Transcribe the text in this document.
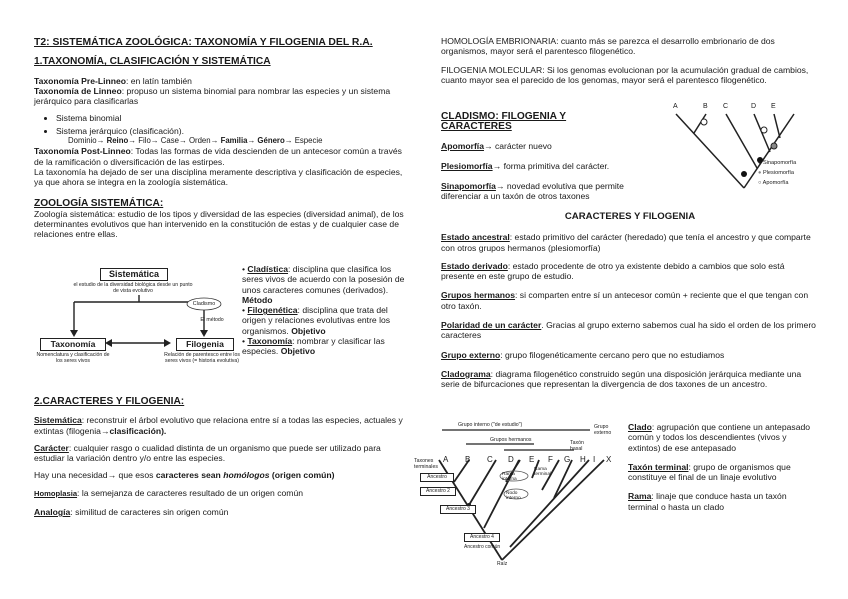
T2: SISTEMÁTICA ZOOLÓGICA: TAXONOMÍA Y FILOGENIA DEL R.A.

1.TAXONOMÍA, CLASIFICACIÓN Y SISTEMÁTICA

Taxonomía Pre-Linneo: en latín también

Taxonomía de Linneo: propuso un sistema binomial para nombrar las especies y un sistema jerárquico para clasificarlas

• Sistema binomial
• Sistema jerárquico (clasificación).

Dominio→ Reino→ Filo→ Case→ Orden→ Familia→ Género→ Especie

Taxonomía Post-Linneo: Todas las formas de vida descienden de un antecesor común a través de la ramificación o diversificación de las estirpes.

La taxonomía ha dejado de ser una disciplina meramente descriptiva y clasificación de especies, ya que ahora se integra en la zoología sistemática.

ZOOLOGÍA SISTEMÁTICA:

Zoología sistemática: estudio de los tipos y diversidad de las especies (diversidad animal), de los determinantes evolutivos que han intervenido en la constitución de estas y de cualquier case de relaciones entre ellas.

Sistemática
el estudio de la diversidad biológica desde un punto de vista evolutivo
Cladismo
El método
Taxonomía
Nomenclatura y clasificación de los seres vivos
Filogenia
Relación de parentesco entre los seres vivos (= historia evolutiva)

• Cladística: disciplina que clasifica los seres vivos de acuerdo con la posesión de unos caracteres comunes (derivados). Método

• Filogenética: disciplina que trata del origen y relaciones evolutivas entre los organismos. Objetivo

• Taxonomía: nombrar y clasificar las especies. Objetivo

2.CARACTERES Y FILOGENIA:

Sistemática: reconstruir el árbol evolutivo que relaciona entre sí a todas las especies, actuales y extintas (filogenia→clasificación).

Carácter: cualquier rasgo o cualidad distinta de un organismo que puede ser utilizado para estudiar la variación dentro y/o entre las especies.

Hay una necesidad→ que esos caracteres sean homólogos (origen común)

Homoplasia: la semejanza de caracteres resultado de un origen común

Analogía: similitud de caracteres sin origen común

HOMOLOGÍA EMBRIONARIA: cuanto más se parezca el desarrollo embrionario de dos organismos, mayor será el parentesco filogenético.

FILOGENIA MOLECULAR: Si los genomas evolucionan por la acumulación gradual de cambios, cuanto mayor sea el parecido de los genomas, mayor será el parentesco filogenético.

CLADISMO: FILOGENIA Y CARACTERES

Apomorfía→ carácter nuevo

Plesiomorfía→ forma primitiva del carácter.

Sinapomorfía→ novedad evolutiva que permite diferenciar a un taxón de otros taxones

A	B C	D E
● Sinapomorfía
● Plesiomorfía
○ Apomorfía

CARACTERES Y FILOGENIA

Estado ancestral: estado primitivo del carácter (heredado) que tenía el ancestro y que comparte con otros grupos hermanos (plesiomorfía)

Estado derivado: estado procedente de otro ya existente debido a cambios que solo está presente en este grupo de estudio.

Grupos hermanos: si comparten entre sí un antecesor común + reciente que el que tengan con otro taxón.

Polaridad de un carácter. Gracias al grupo externo sabemos cual ha sido el orden de los primero caracteres

Grupo externo: grupo filogenéticamente cercano pero que no estudiamos

Cladograma: diagrama filogenético construido según una disposición jerárquica mediante una serie de bifurcaciones que representan la divergencia de dos taxones de un ancestro.

Grupo interno ("de estudio")	Grupo externo
Grupos hermanos	Taxón basal
Taxones terminales
A B C D E F G H I X
Ancestro
Ancestro 2
Ancestro 3
Ancestro 4
Ancestro común
Rama interna
Nodo interno
Rama terminal
Raíz

Clado: agrupación que contiene un antepasado común y todos los descendientes (vivos y extintos) de ese antepasado

Taxón terminal: grupo de organismos que constituye el final de un linaje evolutivo

Rama: linaje que conduce hasta un taxón terminal o hasta un clado
